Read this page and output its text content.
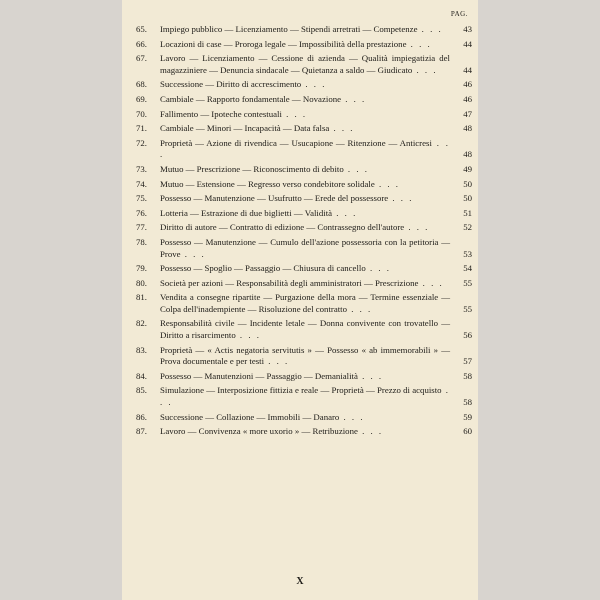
PAG.
65.	Impiego pubblico — Licenziamento — Stipendi arretrati — Competenze . . .	43
66.	Locazioni di case — Proroga legale — Impossibilità della prestazione . . .	44
67.	Lavoro — Licenziamento — Cessione di azienda — Qualità impiegatizia del magazziniere — Denuncia sindacale — Quietanza a saldo — Giudicato . . .	44
68.	Successione — Diritto di accrescimento . . .	46
69.	Cambiale — Rapporto fondamentale — Novazione . . .	46
70.	Fallimento — Ipoteche contestuali . . .	47
71.	Cambiale — Minori — Incapacità — Data falsa . . .	48
72.	Proprietà — Azione di rivendica — Usucapione — Ritenzione — Anticresi . . .	48
73.	Mutuo — Prescrizione — Riconoscimento di debito . . .	49
74.	Mutuo — Estensione — Regresso verso condebitore solidale . . .	50
75.	Possesso — Manutenzione — Usufrutto — Erede del possessore . . .	50
76.	Lotteria — Estrazione di due biglietti — Validità . . .	51
77.	Diritto di autore — Contratto di edizione — Contrassegno dell'autore . . .	52
78.	Possesso — Manutenzione — Cumulo dell'azione possessoria con la petitoria — Prove . . .	53
79.	Possesso — Spoglio — Passaggio — Chiusura di cancello . . .	54
80.	Società per azioni — Responsabilità degli amministratori — Prescrizione . . .	55
81.	Vendita a consegne ripartite — Purgazione della mora — Termine essenziale — Colpa dell'inadempiente — Risoluzione del contratto . . .	55
82.	Responsabilità civile — Incidente letale — Donna convivente con trovatello — Diritto a risarcimento . . .	56
83.	Proprietà — « Actis negatoria servitutis » — Possesso « ab immemorabili » — Prova documentale e per testi . . .	57
84.	Possesso — Manutenzioni — Passaggio — Demanialità . . .	58
85.	Simulazione — Interposizione fittizia e reale — Proprietà — Prezzo di acquisto . . .	58
86.	Successione — Collazione — Immobili — Danaro . . .	59
87.	Lavoro — Convivenza « more uxorio » — Retribuzione . . .	60
X
